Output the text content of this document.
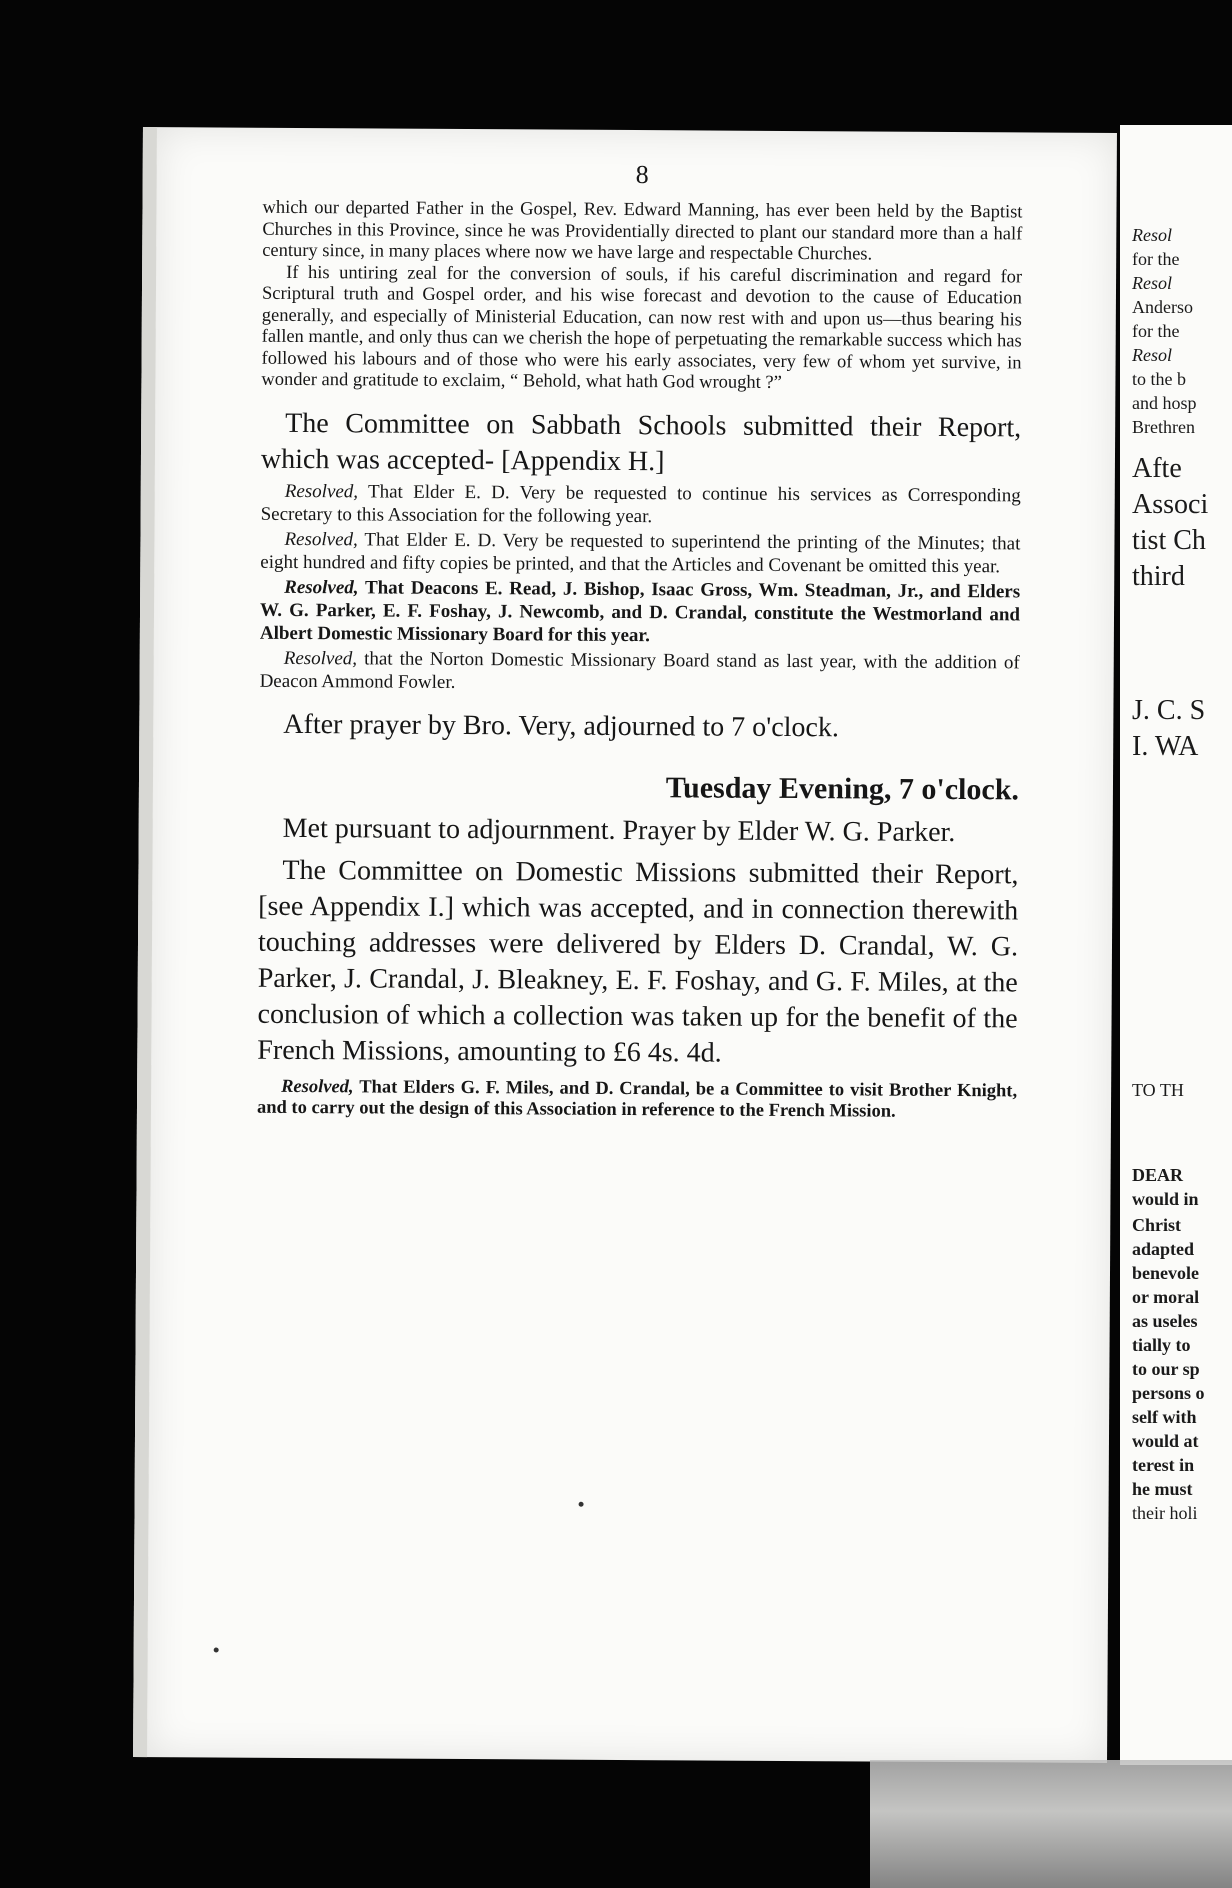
8

which our departed Father in the Gospel, Rev. Edward Manning, has ever been held by the Baptist Churches in this Province, since he was Providentially directed to plant our standard more than a half century since, in many places where now we have large and respectable Churches.

If his untiring zeal for the conversion of souls, if his careful discrimination and regard for Scriptural truth and Gospel order, and his wise forecast and devotion to the cause of Education generally, and especially of Ministerial Education, can now rest with and upon us—thus bearing his fallen mantle, and only thus can we cherish the hope of perpetuating the remarkable success which has followed his labours and of those who were his early associates, very few of whom yet survive, in wonder and gratitude to exclaim, “ Behold, what hath God wrought ?”

The Committee on Sabbath Schools submitted their Report, which was accepted- [Appendix H.]

Resolved, That Elder E. D. Very be requested to continue his services as Corresponding Secretary to this Association for the following year.

Resolved, That Elder E. D. Very be requested to superintend the printing of the Minutes; that eight hundred and fifty copies be printed, and that the Articles and Covenant be omitted this year.

Resolved, That Deacons E. Read, J. Bishop, Isaac Gross, Wm. Steadman, Jr., and Elders W. G. Parker, E. F. Foshay, J. Newcomb, and D. Crandal, constitute the Westmorland and Albert Domestic Missionary Board for this year.

Resolved, that the Norton Domestic Missionary Board stand as last year, with the addition of Deacon Ammond Fowler.

After prayer by Bro. Very, adjourned to 7 o'clock.

Tuesday Evening, 7 o'clock.

Met pursuant to adjournment. Prayer by Elder W. G. Parker.

The Committee on Domestic Missions submitted their Report, [see Appendix I.] which was accepted, and in connection therewith touching addresses were delivered by Elders D. Crandal, W. G. Parker, J. Crandal, J. Bleakney, E. F. Foshay, and G. F. Miles, at the conclusion of which a collection was taken up for the benefit of the French Missions, amounting to £6 4s. 4d.

Resolved, That Elders G. F. Miles, and D. Crandal, be a Committee to visit Brother Knight, and to carry out the design of this Association in reference to the French Mission.

Resol
for the
Resol
Anderso
for the
Resol
to the b
and hosp
Brethren
Afte
Associ
tist Ch
third
J. C. S
I. WA
TO TH
DEAR
would in
Christ
adapted
benevole
or moral
as useles
tially to
to our sp
persons o
self with
would at
terest in
he must
their holi
